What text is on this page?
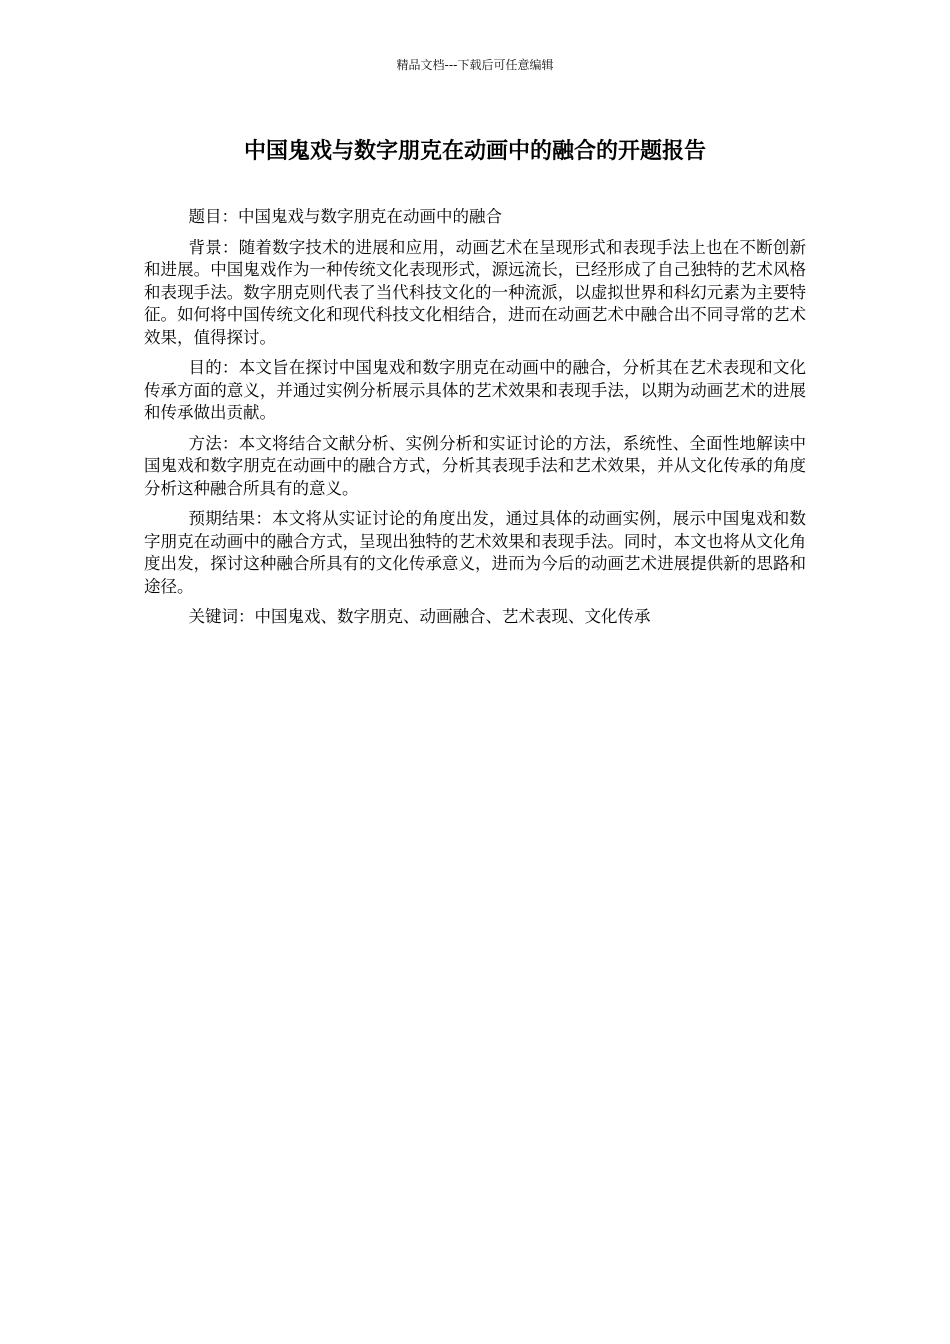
精品文档---下载后可任意编辑
中国鬼戏与数字朋克在动画中的融合的开题报告

题目：中国鬼戏与数字朋克在动画中的融合

背景：随着数字技术的进展和应用，动画艺术在呈现形式和表现手法上也在不断创新和进展。中国鬼戏作为一种传统文化表现形式，源远流长，已经形成了自己独特的艺术风格和表现手法。数字朋克则代表了当代科技文化的一种流派，以虚拟世界和科幻元素为主要特征。如何将中国传统文化和现代科技文化相结合，进而在动画艺术中融合出不同寻常的艺术效果，值得探讨。

目的：本文旨在探讨中国鬼戏和数字朋克在动画中的融合，分析其在艺术表现和文化传承方面的意义，并通过实例分析展示具体的艺术效果和表现手法，以期为动画艺术的进展和传承做出贡献。

方法：本文将结合文献分析、实例分析和实证讨论的方法，系统性、全面性地解读中国鬼戏和数字朋克在动画中的融合方式，分析其表现手法和艺术效果，并从文化传承的角度分析这种融合所具有的意义。

预期结果：本文将从实证讨论的角度出发，通过具体的动画实例，展示中国鬼戏和数字朋克在动画中的融合方式，呈现出独特的艺术效果和表现手法。同时，本文也将从文化角度出发，探讨这种融合所具有的文化传承意义，进而为今后的动画艺术进展提供新的思路和途径。

关键词：中国鬼戏、数字朋克、动画融合、艺术表现、文化传承
